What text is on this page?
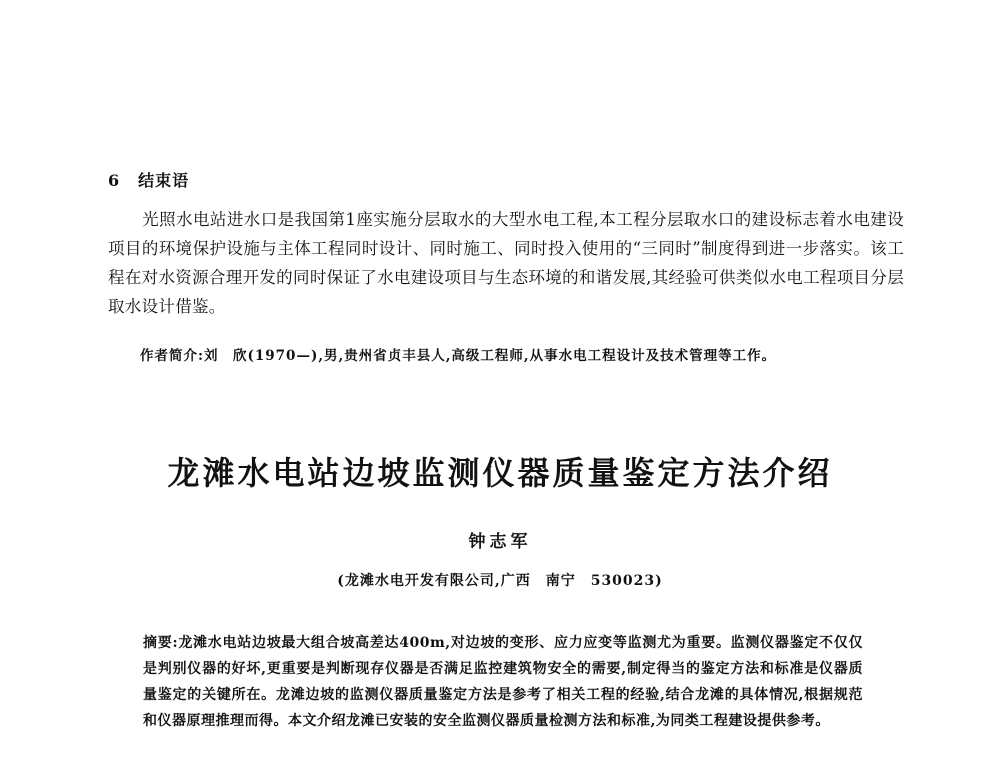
6 结束语
光照水电站进水口是我国第1座实施分层取水的大型水电工程,本工程分层取水口的建设标志着水电建设项目的环境保护设施与主体工程同时设计、同时施工、同时投入使用的“三同时”制度得到进一步落实。该工程在对水资源合理开发的同时保证了水电建设项目与生态环境的和谐发展,其经验可供类似水电工程项目分层取水设计借鉴。
作者简介:刘　欣(1970—),男,贵州省贞丰县人,高级工程师,从事水电工程设计及技术管理等工作。
龙滩水电站边坡监测仪器质量鉴定方法介绍
钟志军
(龙滩水电开发有限公司,广西　南宁　530023)
摘要:龙滩水电站边坡最大组合坡高差达400m,对边坡的变形、应力应变等监测尤为重要。监测仪器鉴定不仅仅是判别仪器的好坏,更重要是判断现存仪器是否满足监控建筑物安全的需要,制定得当的鉴定方法和标准是仪器质量鉴定的关键所在。龙滩边坡的监测仪器质量鉴定方法是参考了相关工程的经验,结合龙滩的具体情况,根据规范和仪器原理推理而得。本文介绍龙滩已安装的安全监测仪器质量检测方法和标准,为同类工程建设提供参考。
